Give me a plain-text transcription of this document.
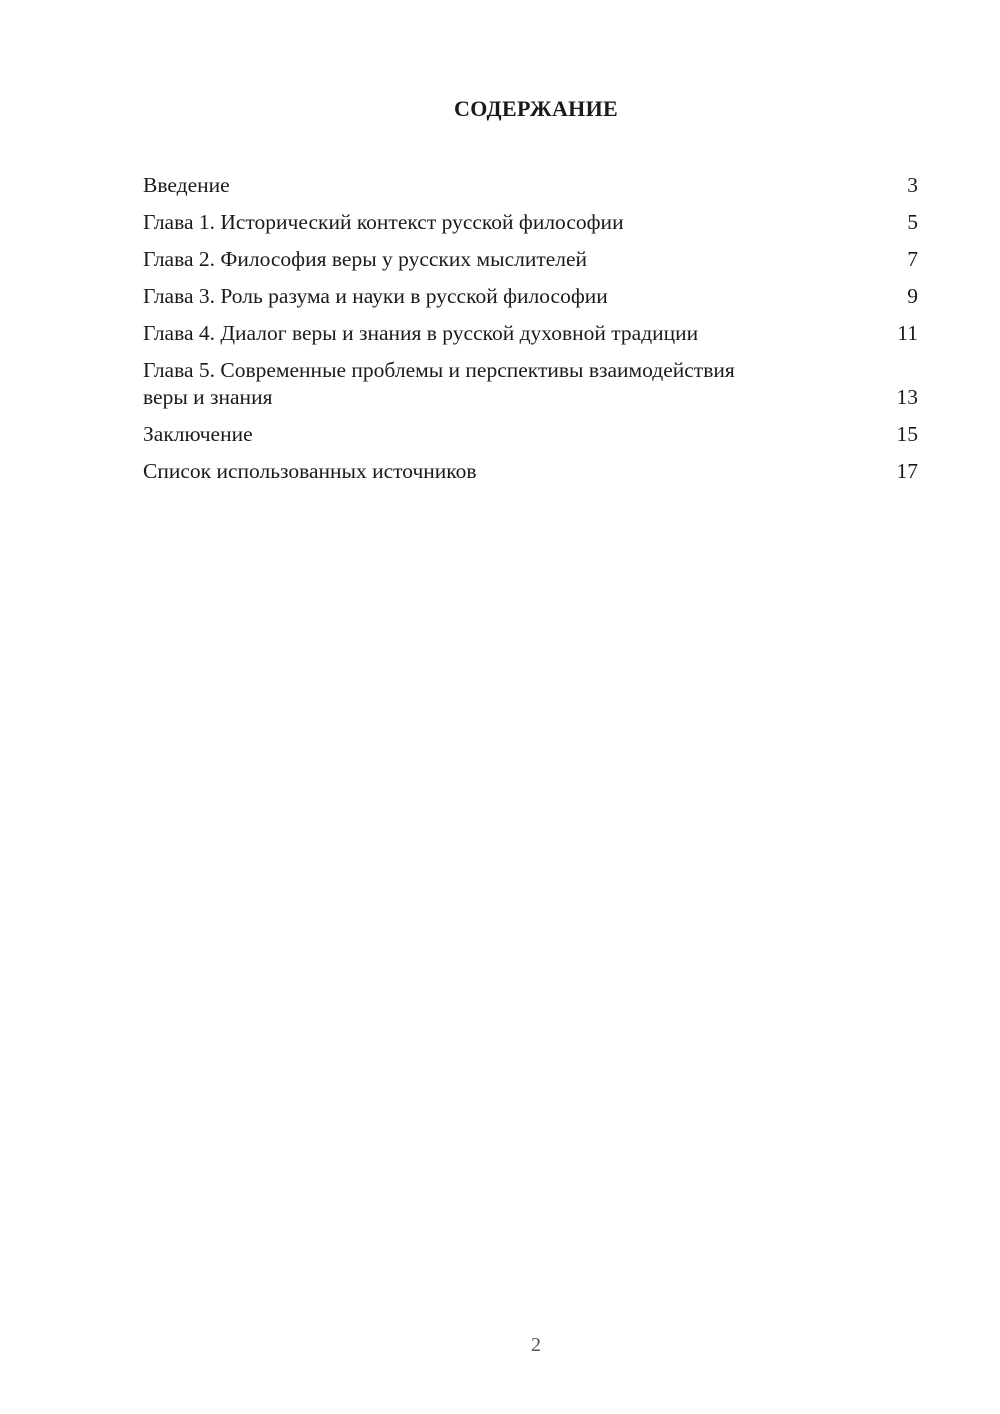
СОДЕРЖАНИЕ
Введение	3
Глава 1. Исторический контекст русской философии	5
Глава 2. Философия веры у русских мыслителей	7
Глава 3. Роль разума и науки в русской философии	9
Глава 4. Диалог веры и знания в русской духовной традиции	11
Глава 5. Современные проблемы и перспективы взаимодействия веры и знания	13
Заключение	15
Список использованных источников	17
2
